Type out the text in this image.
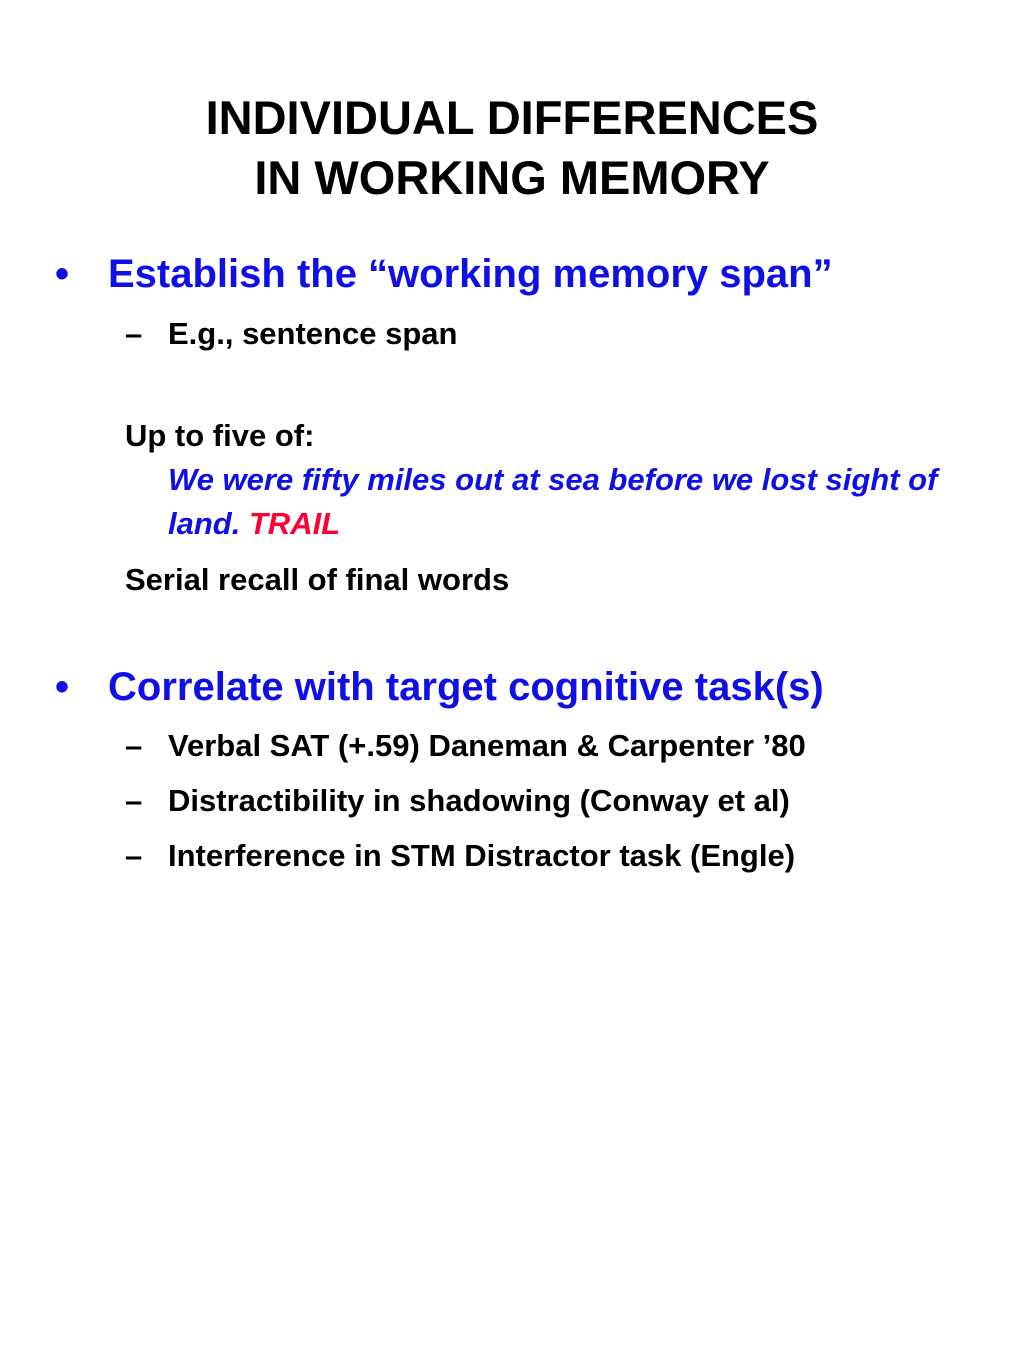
INDIVIDUAL DIFFERENCES
IN WORKING MEMORY
• Establish the “working memory span”
– E.g., sentence span
Up to five of:
We were fifty miles out at sea before we lost sight of land. TRAIL
Serial recall of final words
• Correlate with target cognitive task(s)
– Verbal SAT (+.59) Daneman & Carpenter ’80
– Distractibility in shadowing (Conway et al)
– Interference in STM Distractor task (Engle)
